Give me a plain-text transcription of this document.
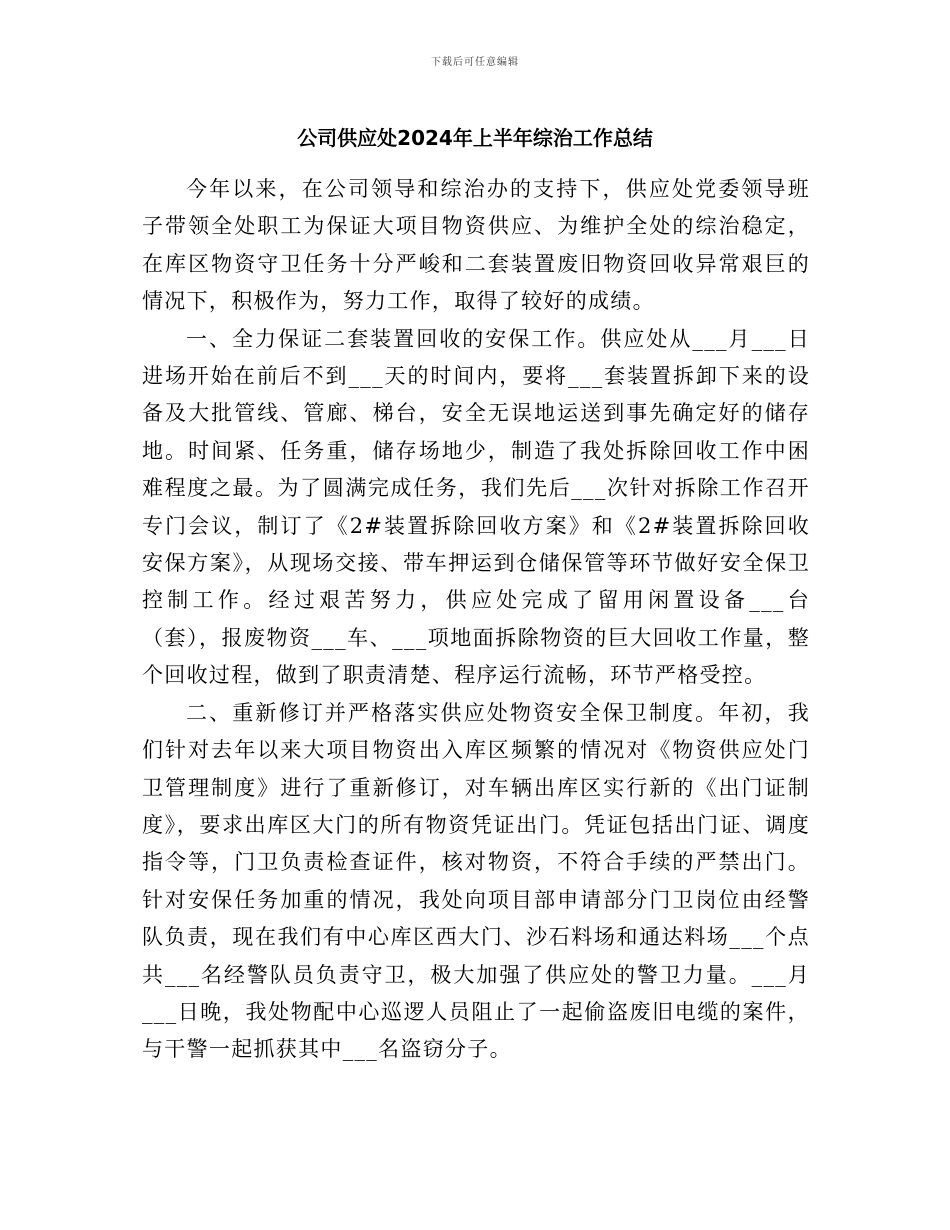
下载后可任意编辑
公司供应处2024年上半年综治工作总结

今年以来，在公司领导和综治办的支持下，供应处党委领导班子带领全处职工为保证大项目物资供应、为维护全处的综治稳定，在库区物资守卫任务十分严峻和二套装置废旧物资回收异常艰巨的情况下，积极作为，努力工作，取得了较好的成绩。

一、全力保证二套装置回收的安保工作。供应处从___月___日进场开始在前后不到___天的时间内，要将___套装置拆卸下来的设备及大批管线、管廊、梯台，安全无误地运送到事先确定好的储存地。时间紧、任务重，储存场地少，制造了我处拆除回收工作中困难程度之最。为了圆满完成任务，我们先后___次针对拆除工作召开专门会议，制订了《2#装置拆除回收方案》和《2#装置拆除回收安保方案》，从现场交接、带车押运到仓储保管等环节做好安全保卫控制工作。经过艰苦努力，供应处完成了留用闲置设备___台（套），报废物资___车、___项地面拆除物资的巨大回收工作量，整个回收过程，做到了职责清楚、程序运行流畅，环节严格受控。

二、重新修订并严格落实供应处物资安全保卫制度。年初，我们针对去年以来大项目物资出入库区频繁的情况对《物资供应处门卫管理制度》进行了重新修订，对车辆出库区实行新的《出门证制度》，要求出库区大门的所有物资凭证出门。凭证包括出门证、调度指令等，门卫负责检查证件，核对物资，不符合手续的严禁出门。针对安保任务加重的情况，我处向项目部申请部分门卫岗位由经警队负责，现在我们有中心库区西大门、沙石料场和通达料场___个点共___名经警队员负责守卫，极大加强了供应处的警卫力量。___月___日晚，我处物配中心巡逻人员阻止了一起偷盗废旧电缆的案件，与干警一起抓获其中___名盗窃分子。
